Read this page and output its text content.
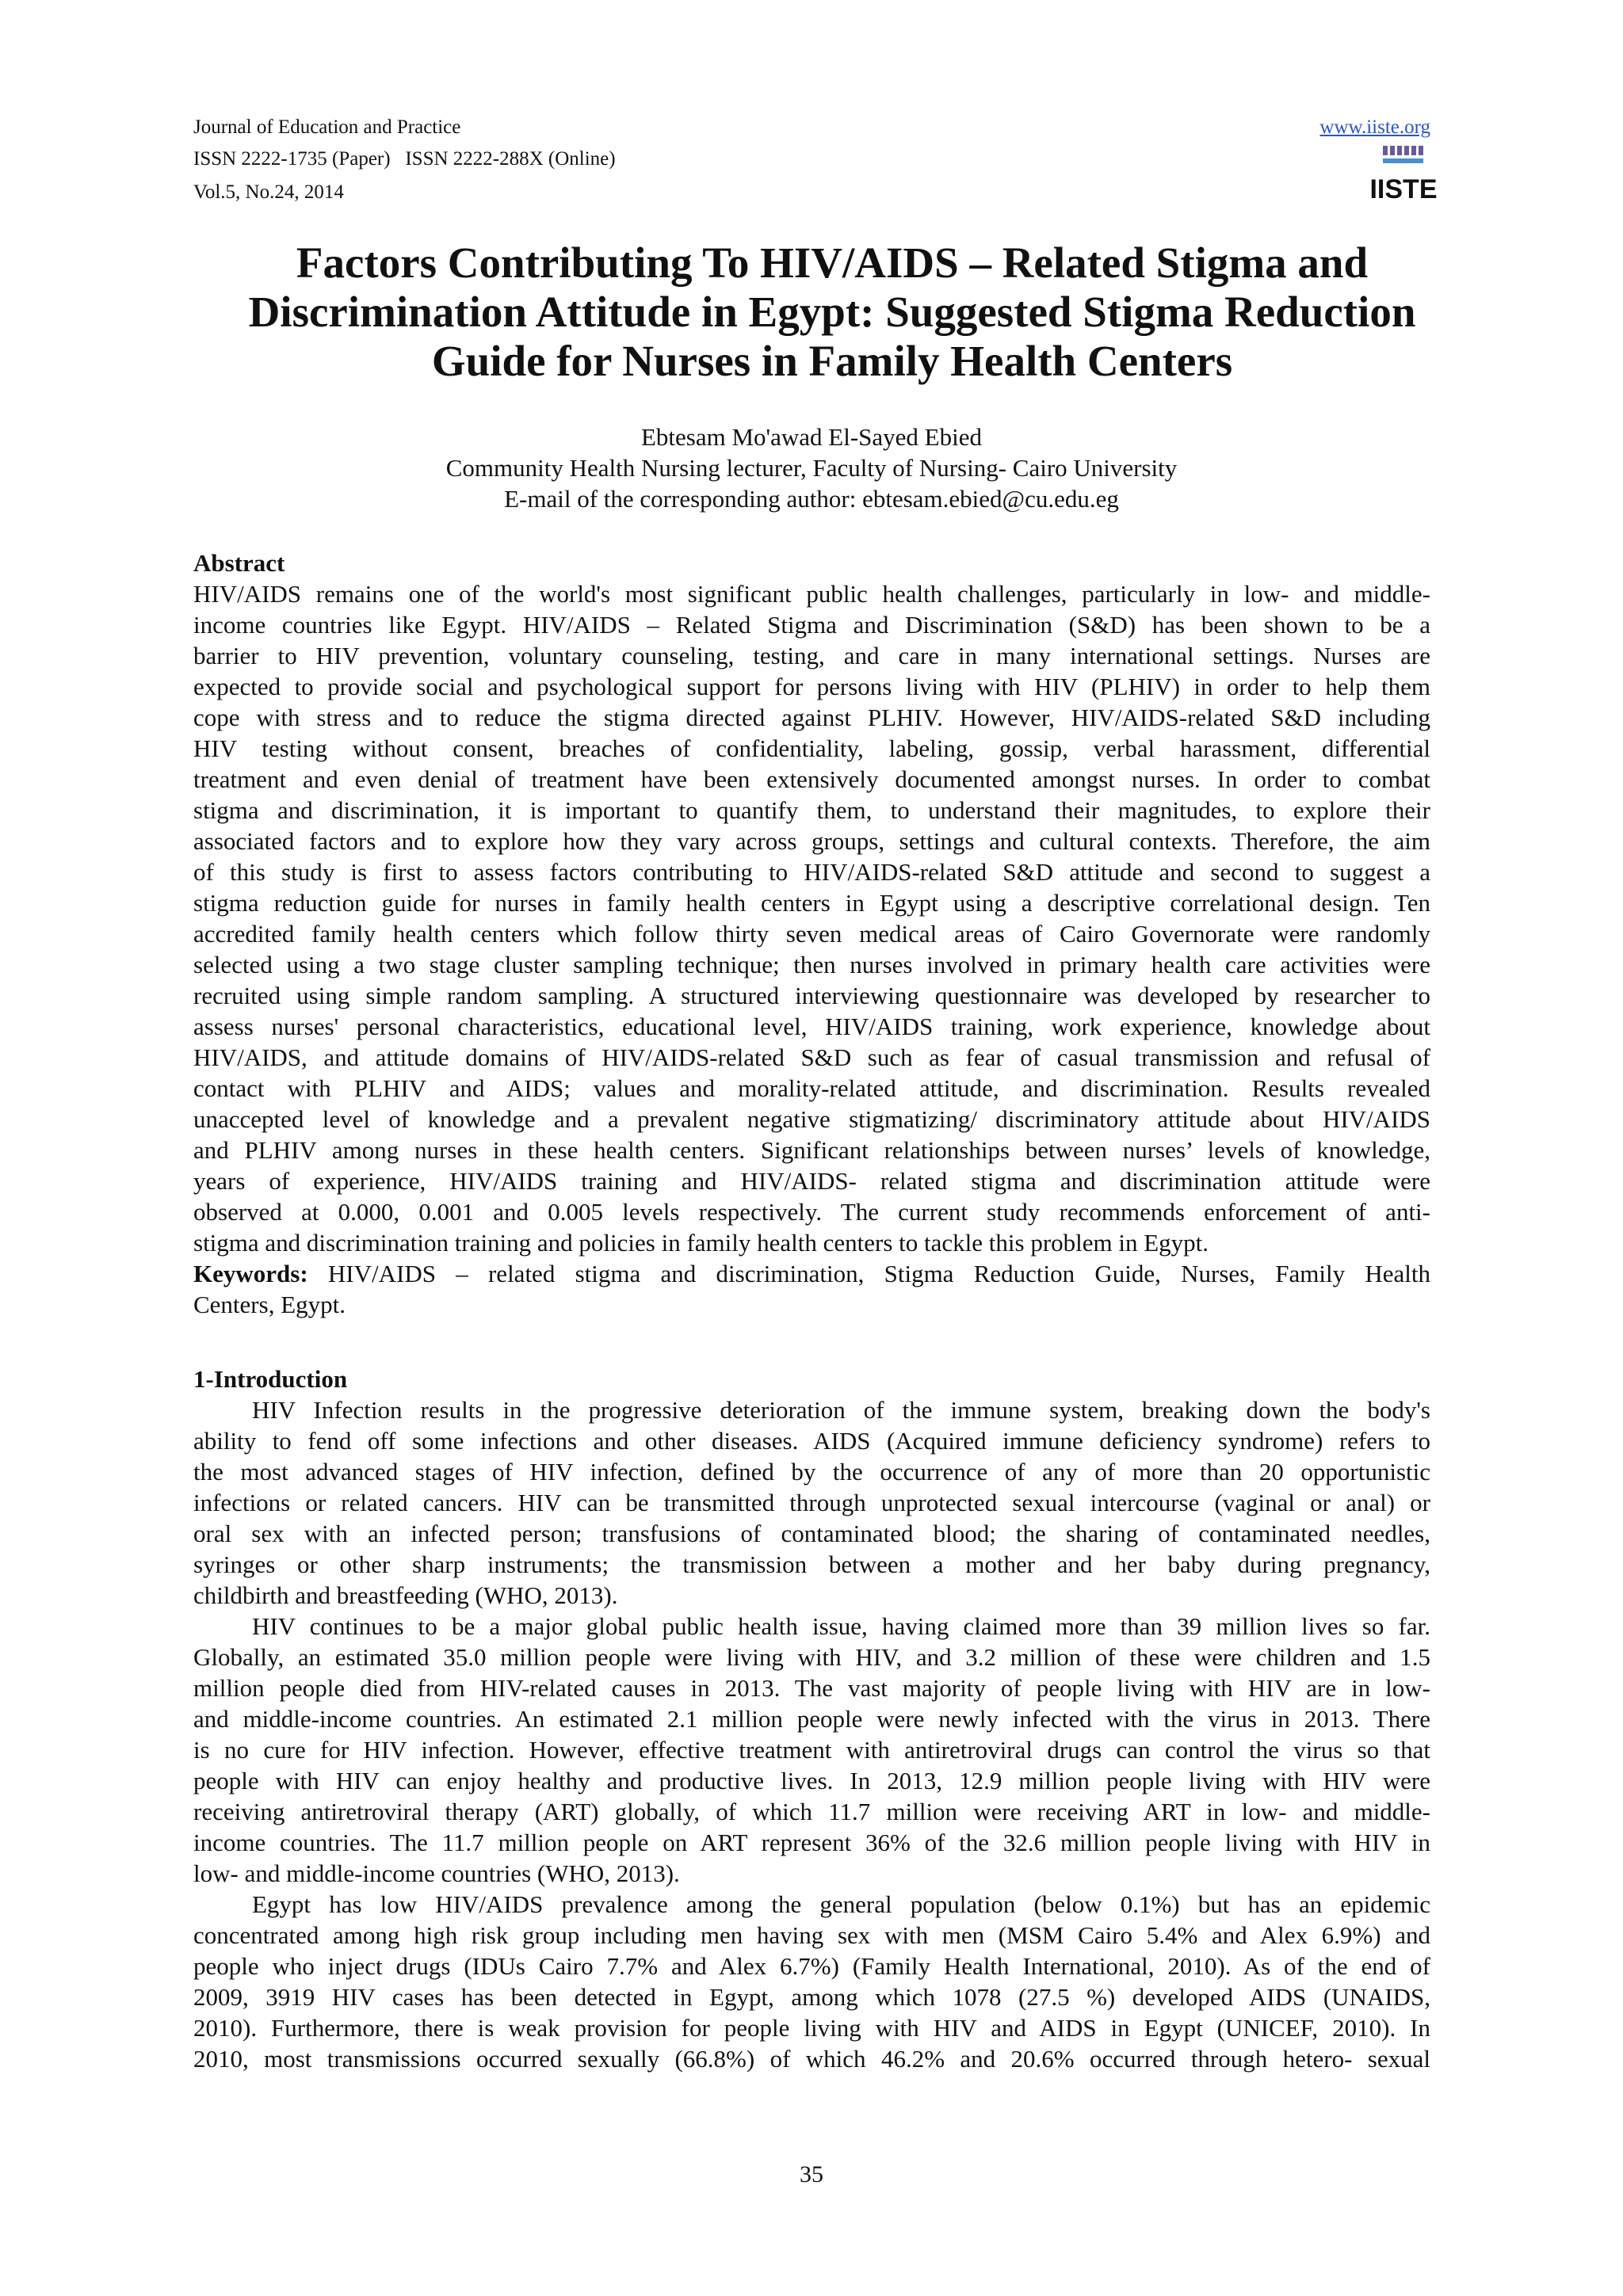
Journal of Education and Practice
ISSN 2222-1735 (Paper)   ISSN 2222-288X (Online)
Vol.5, No.24, 2014
www.iiste.org
IISTE
Factors Contributing To HIV/AIDS – Related Stigma and
Discrimination Attitude in Egypt: Suggested Stigma Reduction
Guide for Nurses in Family Health Centers
Ebtesam Mo'awad El-Sayed Ebied
Community Health Nursing lecturer, Faculty of Nursing- Cairo University
E-mail of the corresponding author: ebtesam.ebied@cu.edu.eg
Abstract
HIV/AIDS remains one of the world's most significant public health challenges, particularly in low- and middle-
income countries like Egypt. HIV/AIDS – Related Stigma and Discrimination (S&D) has been shown to be a
barrier to HIV prevention, voluntary counseling, testing, and care in many international settings. Nurses are
expected to provide social and psychological support for persons living with HIV (PLHIV) in order to help them
cope with stress and to reduce the stigma directed against PLHIV. However, HIV/AIDS-related S&D including
HIV testing without consent, breaches of confidentiality, labeling, gossip, verbal harassment, differential
treatment and even denial of treatment have been extensively documented amongst nurses. In order to combat
stigma and discrimination, it is important to quantify them, to understand their magnitudes, to explore their
associated factors and to explore how they vary across groups, settings and cultural contexts. Therefore, the aim
of this study is first to assess factors contributing to HIV/AIDS-related S&D attitude and second to suggest a
stigma reduction guide for nurses in family health centers in Egypt using a descriptive correlational design. Ten
accredited family health centers which follow thirty seven medical areas of Cairo Governorate were randomly
selected using a two stage cluster sampling technique; then nurses involved in primary health care activities were
recruited using simple random sampling. A structured interviewing questionnaire was developed by researcher to
assess nurses' personal characteristics, educational level, HIV/AIDS training, work experience, knowledge about
HIV/AIDS, and attitude domains of HIV/AIDS-related S&D such as fear of casual transmission and refusal of
contact with PLHIV and AIDS; values and morality-related attitude, and discrimination. Results revealed
unaccepted level of knowledge and a prevalent negative stigmatizing/ discriminatory attitude about HIV/AIDS
and PLHIV among nurses in these health centers. Significant relationships between nurses’ levels of knowledge,
years of experience, HIV/AIDS training and HIV/AIDS- related stigma and discrimination attitude were
observed at 0.000, 0.001 and 0.005 levels respectively. The current study recommends enforcement of anti-
stigma and discrimination training and policies in family health centers to tackle this problem in Egypt.
Keywords: HIV/AIDS – related stigma and discrimination, Stigma Reduction Guide, Nurses, Family Health
Centers, Egypt.
1-Introduction
HIV Infection results in the progressive deterioration of the immune system, breaking down the body's
ability to fend off some infections and other diseases. AIDS (Acquired immune deficiency syndrome) refers to
the most advanced stages of HIV infection, defined by the occurrence of any of more than 20 opportunistic
infections or related cancers. HIV can be transmitted through unprotected sexual intercourse (vaginal or anal) or
oral sex with an infected person; transfusions of contaminated blood; the sharing of contaminated needles,
syringes or other sharp instruments; the transmission between a mother and her baby during pregnancy,
childbirth and breastfeeding (WHO, 2013).
HIV continues to be a major global public health issue, having claimed more than 39 million lives so far.
Globally, an estimated 35.0 million people were living with HIV, and 3.2 million of these were children and 1.5
million people died from HIV-related causes in 2013. The vast majority of people living with HIV are in low-
and middle-income countries. An estimated 2.1 million people were newly infected with the virus in 2013. There
is no cure for HIV infection. However, effective treatment with antiretroviral drugs can control the virus so that
people with HIV can enjoy healthy and productive lives. In 2013, 12.9 million people living with HIV were
receiving antiretroviral therapy (ART) globally, of which 11.7 million were receiving ART in low- and middle-
income countries. The 11.7 million people on ART represent 36% of the 32.6 million people living with HIV in
low- and middle-income countries (WHO, 2013).
Egypt has low HIV/AIDS prevalence among the general population (below 0.1%) but has an epidemic
concentrated among high risk group including men having sex with men (MSM Cairo 5.4% and Alex 6.9%) and
people who inject drugs (IDUs Cairo 7.7% and Alex 6.7%) (Family Health International, 2010). As of the end of
2009, 3919 HIV cases has been detected in Egypt, among which 1078 (27.5 %) developed AIDS (UNAIDS,
2010). Furthermore, there is weak provision for people living with HIV and AIDS in Egypt (UNICEF, 2010). In
2010, most transmissions occurred sexually (66.8%) of which 46.2% and 20.6% occurred through hetero- sexual
35
